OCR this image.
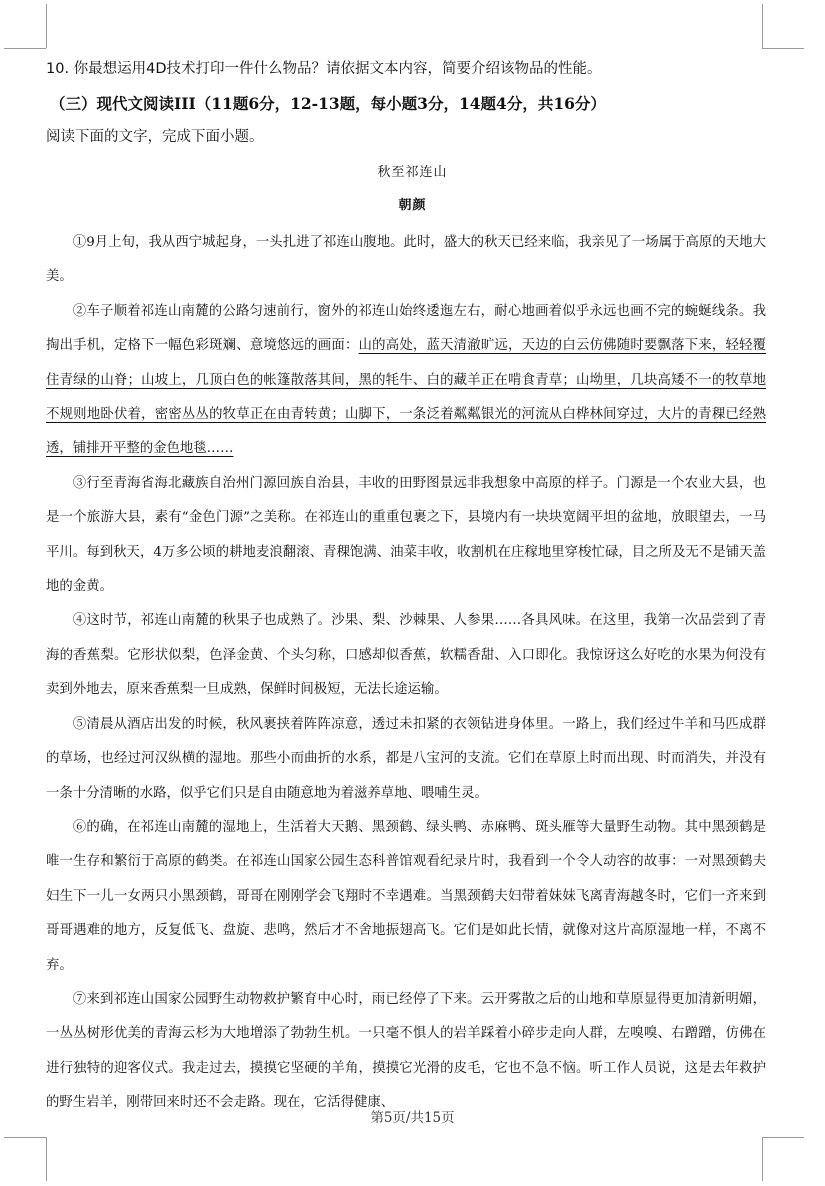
10. 你最想运用4D技术打印一件什么物品？请依据文本内容，简要介绍该物品的性能。
（三）现代文阅读III（11题6分，12-13题，每小题3分，14题4分，共16分）
阅读下面的文字，完成下面小题。
秋至祁连山
朝颜

①9月上旬，我从西宁城起身，一头扎进了祁连山腹地。此时，盛大的秋天已经来临，我亲见了一场属于高原的天地大美。

②车子顺着祁连山南麓的公路匀速前行，窗外的祁连山始终逶迤左右，耐心地画着似乎永远也画不完的蜿蜒线条。我掏出手机，定格下一幅色彩斑斓、意境悠远的画面：山的高处，蓝天清澈旷远，天边的白云仿佛随时要飘落下来，轻轻覆住青绿的山脊；山坡上，几顶白色的帐篷散落其间，黑的牦牛、白的藏羊正在啃食青草；山坳里，几块高矮不一的牧草地不规则地卧伏着，密密丛丛的牧草正在由青转黄；山脚下，一条泛着粼粼银光的河流从白桦林间穿过，大片的青稞已经熟透，铺排开平整的金色地毯……

③行至青海省海北藏族自治州门源回族自治县，丰收的田野图景远非我想象中高原的样子。门源是一个农业大县，也是一个旅游大县，素有“金色门源”之美称。在祁连山的重重包裹之下，县境内有一块块宽阔平坦的盆地，放眼望去，一马平川。每到秋天，4万多公顷的耕地麦浪翻滚、青稞饱满、油菜丰收，收割机在庄稼地里穿梭忙碌，目之所及无不是铺天盖地的金黄。

④这时节，祁连山南麓的秋果子也成熟了。沙果、梨、沙棘果、人参果……各具风味。在这里，我第一次品尝到了青海的香蕉梨。它形状似梨，色泽金黄、个头匀称，口感却似香蕉，软糯香甜、入口即化。我惊讶这么好吃的水果为何没有卖到外地去，原来香蕉梨一旦成熟，保鲜时间极短，无法长途运输。

⑤清晨从酒店出发的时候，秋风裹挟着阵阵凉意，透过未扣紧的衣领钻进身体里。一路上，我们经过牛羊和马匹成群的草场，也经过河汉纵横的湿地。那些小而曲折的水系，都是八宝河的支流。它们在草原上时而出现、时而消失，并没有一条十分清晰的水路，似乎它们只是自由随意地为着滋养草地、喂哺生灵。

⑥的确，在祁连山南麓的湿地上，生活着大天鹅、黑颈鹤、绿头鸭、赤麻鸭、斑头雁等大量野生动物。其中黑颈鹤是唯一生存和繁衍于高原的鹤类。在祁连山国家公园生态科普馆观看纪录片时，我看到一个令人动容的故事：一对黑颈鹤夫妇生下一儿一女两只小黑颈鹤，哥哥在刚刚学会飞翔时不幸遇难。当黑颈鹤夫妇带着妹妹飞离青海越冬时，它们一齐来到哥哥遇难的地方，反复低飞、盘旋、悲鸣，然后才不舍地振翅高飞。它们是如此长情，就像对这片高原湿地一样，不离不弃。

⑦来到祁连山国家公园野生动物救护繁育中心时，雨已经停了下来。云开雾散之后的山地和草原显得更加清新明媚，一丛丛树形优美的青海云杉为大地增添了勃勃生机。一只毫不惧人的岩羊踩着小碎步走向人群，左嗅嗅、右蹭蹭，仿佛在进行独特的迎客仪式。我走过去，摸摸它坚硬的羊角，摸摸它光滑的皮毛，它也不急不恼。听工作人员说，这是去年救护的野生岩羊，刚带回来时还不会走路。现在，它活得健康、

第5页/共15页
